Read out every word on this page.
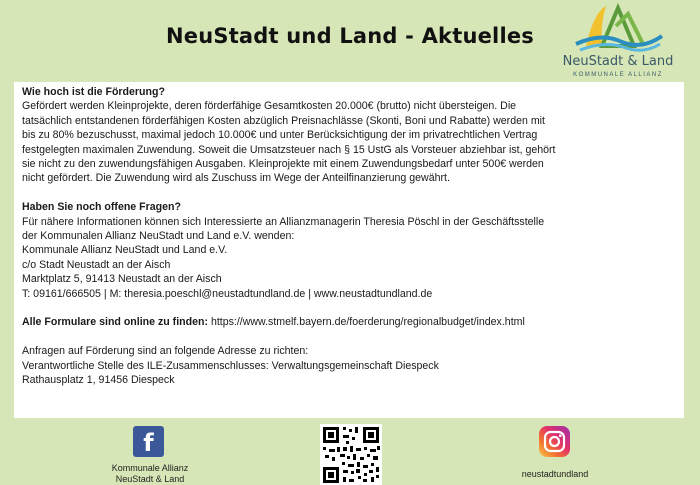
NeuStadt und Land - Aktuelles
NeuStadt & Land
KOMMUNALE ALLIANZ

Wie hoch ist die Förderung?

Gefördert werden Kleinprojekte, deren förderfähige Gesamtkosten 20.000€ (brutto) nicht übersteigen. Die

tatsächlich entstandenen förderfähigen Kosten abzüglich Preisnachlässe (Skonti, Boni und Rabatte) werden mit

bis zu 80% bezuschusst, maximal jedoch 10.000€ und unter Berücksichtigung der im privatrechtlichen Vertrag

festgelegten maximalen Zuwendung. Soweit die Umsatzsteuer nach § 15 UstG als Vorsteuer abziehbar ist, gehört

sie nicht zu den zuwendungsfähigen Ausgaben. Kleinprojekte mit einem Zuwendungsbedarf unter 500€ werden

nicht gefördert. Die Zuwendung wird als Zuschuss im Wege der Anteilfinanzierung gewährt.

Haben Sie noch offene Fragen?

Für nähere Informationen können sich Interessierte an Allianzmanagerin Theresia Pöschl in der Geschäftsstelle

der Kommunalen Allianz NeuStadt und Land e.V. wenden:

Kommunale Allianz NeuStadt und Land e.V.

c/o Stadt Neustadt an der Aisch

Marktplatz 5, 91413 Neustadt an der Aisch

T: 09161/666505 | M: theresia.poeschl@neustadtundland.de | www.neustadtundland.de

Alle Formulare sind online zu finden: https://www.stmelf.bayern.de/foerderung/regionalbudget/index.html

Anfragen auf Förderung sind an folgende Adresse zu richten:

Verantwortliche Stelle des ILE-Zusammenschlusses: Verwaltungsgemeinschaft Diespeck

Rathausplatz 1, 91456 Diespeck

f
Kommunale Allianz
NeuStadt & Land	neustadtundland
